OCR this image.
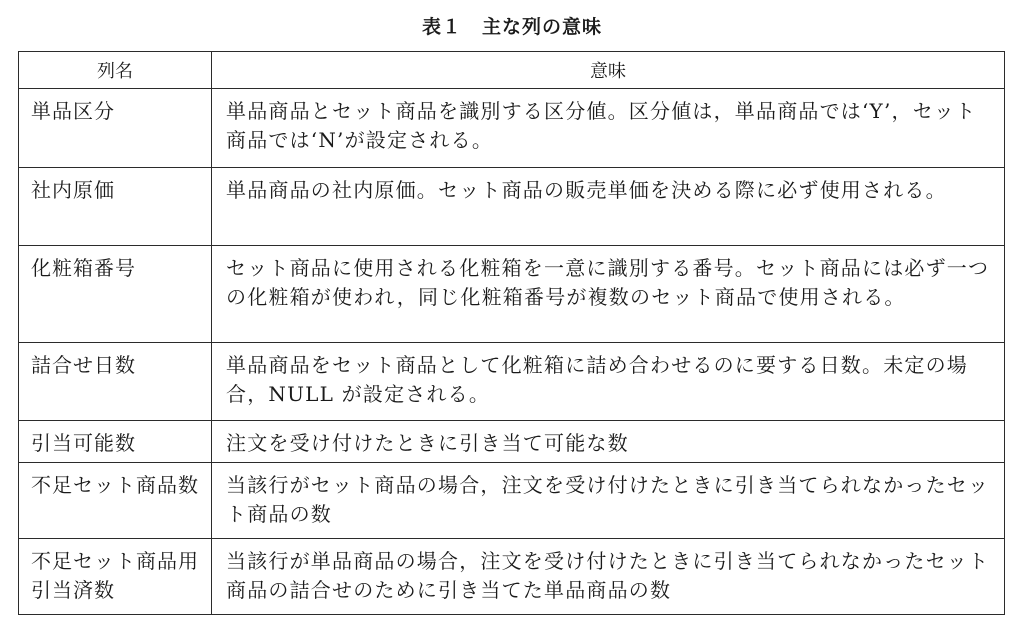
表１　主な列の意味
列名	意味
単品区分	単品商品とセット商品を識別する区分値。区分値は，単品商品では‘Y’，セット商品では‘N’が設定される。
社内原価	単品商品の社内原価。セット商品の販売単価を決める際に必ず使用される。
化粧箱番号	セット商品に使用される化粧箱を一意に識別する番号。セット商品には必ず一つの化粧箱が使われ，同じ化粧箱番号が複数のセット商品で使用される。
詰合せ日数	単品商品をセット商品として化粧箱に詰め合わせるのに要する日数。未定の場合，NULL が設定される。
引当可能数	注文を受け付けたときに引き当て可能な数
不足セット商品数	当該行がセット商品の場合，注文を受け付けたときに引き当てられなかったセット商品の数
不足セット商品用引当済数	当該行が単品商品の場合，注文を受け付けたときに引き当てられなかったセット商品の詰合せのために引き当てた単品商品の数
